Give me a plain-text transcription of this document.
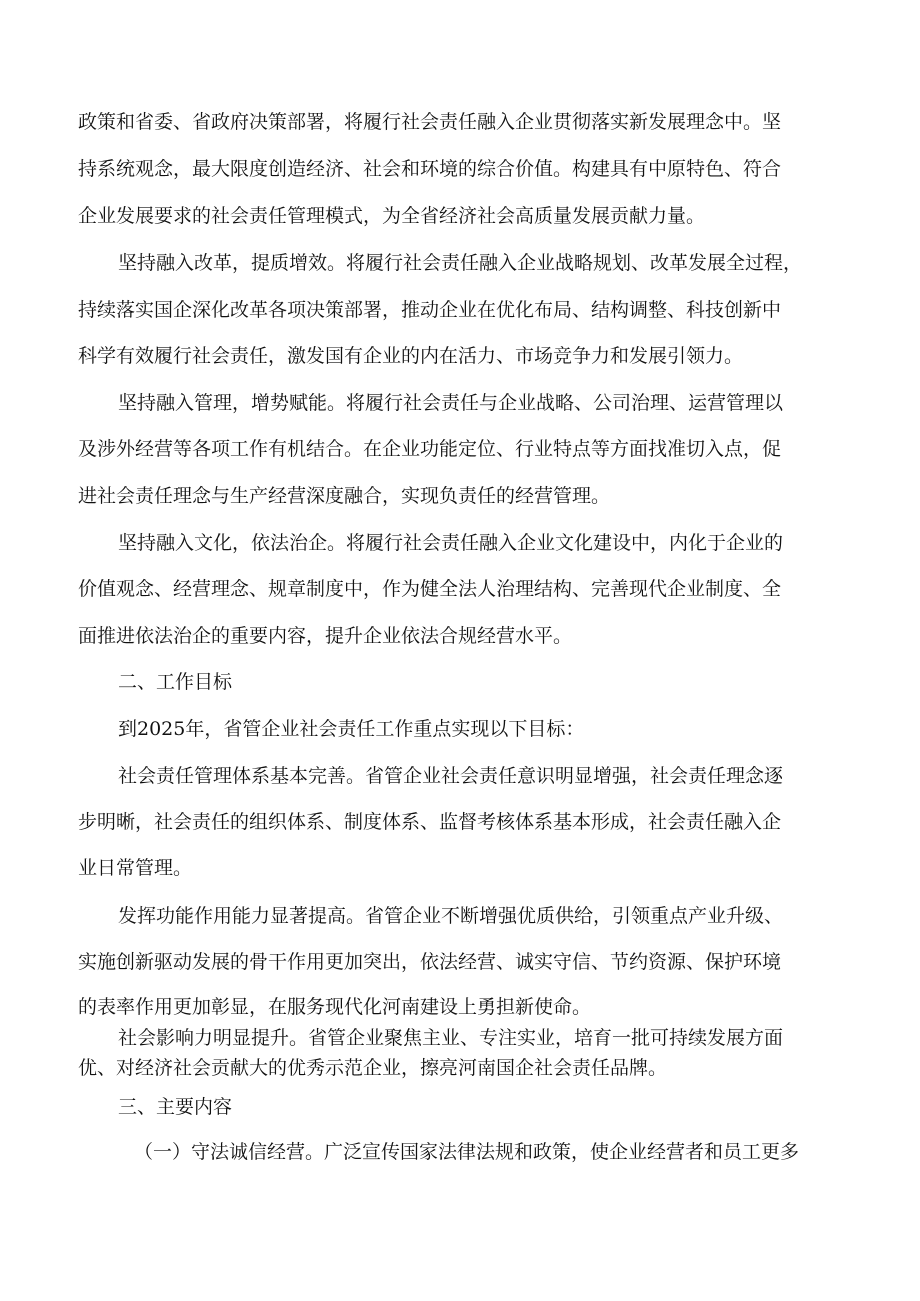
政策和省委、省政府决策部署，将履行社会责任融入企业贯彻落实新发展理念中。坚
持系统观念，最大限度创造经济、社会和环境的综合价值。构建具有中原特色、符合
企业发展要求的社会责任管理模式，为全省经济社会高质量发展贡献力量。
坚持融入改革，提质增效。将履行社会责任融入企业战略规划、改革发展全过程，
持续落实国企深化改革各项决策部署，推动企业在优化布局、结构调整、科技创新中
科学有效履行社会责任，激发国有企业的内在活力、市场竞争力和发展引领力。
坚持融入管理，增势赋能。将履行社会责任与企业战略、公司治理、运营管理以
及涉外经营等各项工作有机结合。在企业功能定位、行业特点等方面找准切入点，促
进社会责任理念与生产经营深度融合，实现负责任的经营管理。
坚持融入文化，依法治企。将履行社会责任融入企业文化建设中，内化于企业的
价值观念、经营理念、规章制度中，作为健全法人治理结构、完善现代企业制度、全
面推进依法治企的重要内容，提升企业依法合规经营水平。
二、工作目标
到2025年，省管企业社会责任工作重点实现以下目标：
社会责任管理体系基本完善。省管企业社会责任意识明显增强，社会责任理念逐
步明晰，社会责任的组织体系、制度体系、监督考核体系基本形成，社会责任融入企
业日常管理。
发挥功能作用能力显著提高。省管企业不断增强优质供给，引领重点产业升级、
实施创新驱动发展的骨干作用更加突出，依法经营、诚实守信、节约资源、保护环境
的表率作用更加彰显，在服务现代化河南建设上勇担新使命。
社会影响力明显提升。省管企业聚焦主业、专注实业，培育一批可持续发展方面
优、对经济社会贡献大的优秀示范企业，擦亮河南国企社会责任品牌。
三、主要内容
（一）守法诚信经营。广泛宣传国家法律法规和政策，使企业经营者和员工更多
